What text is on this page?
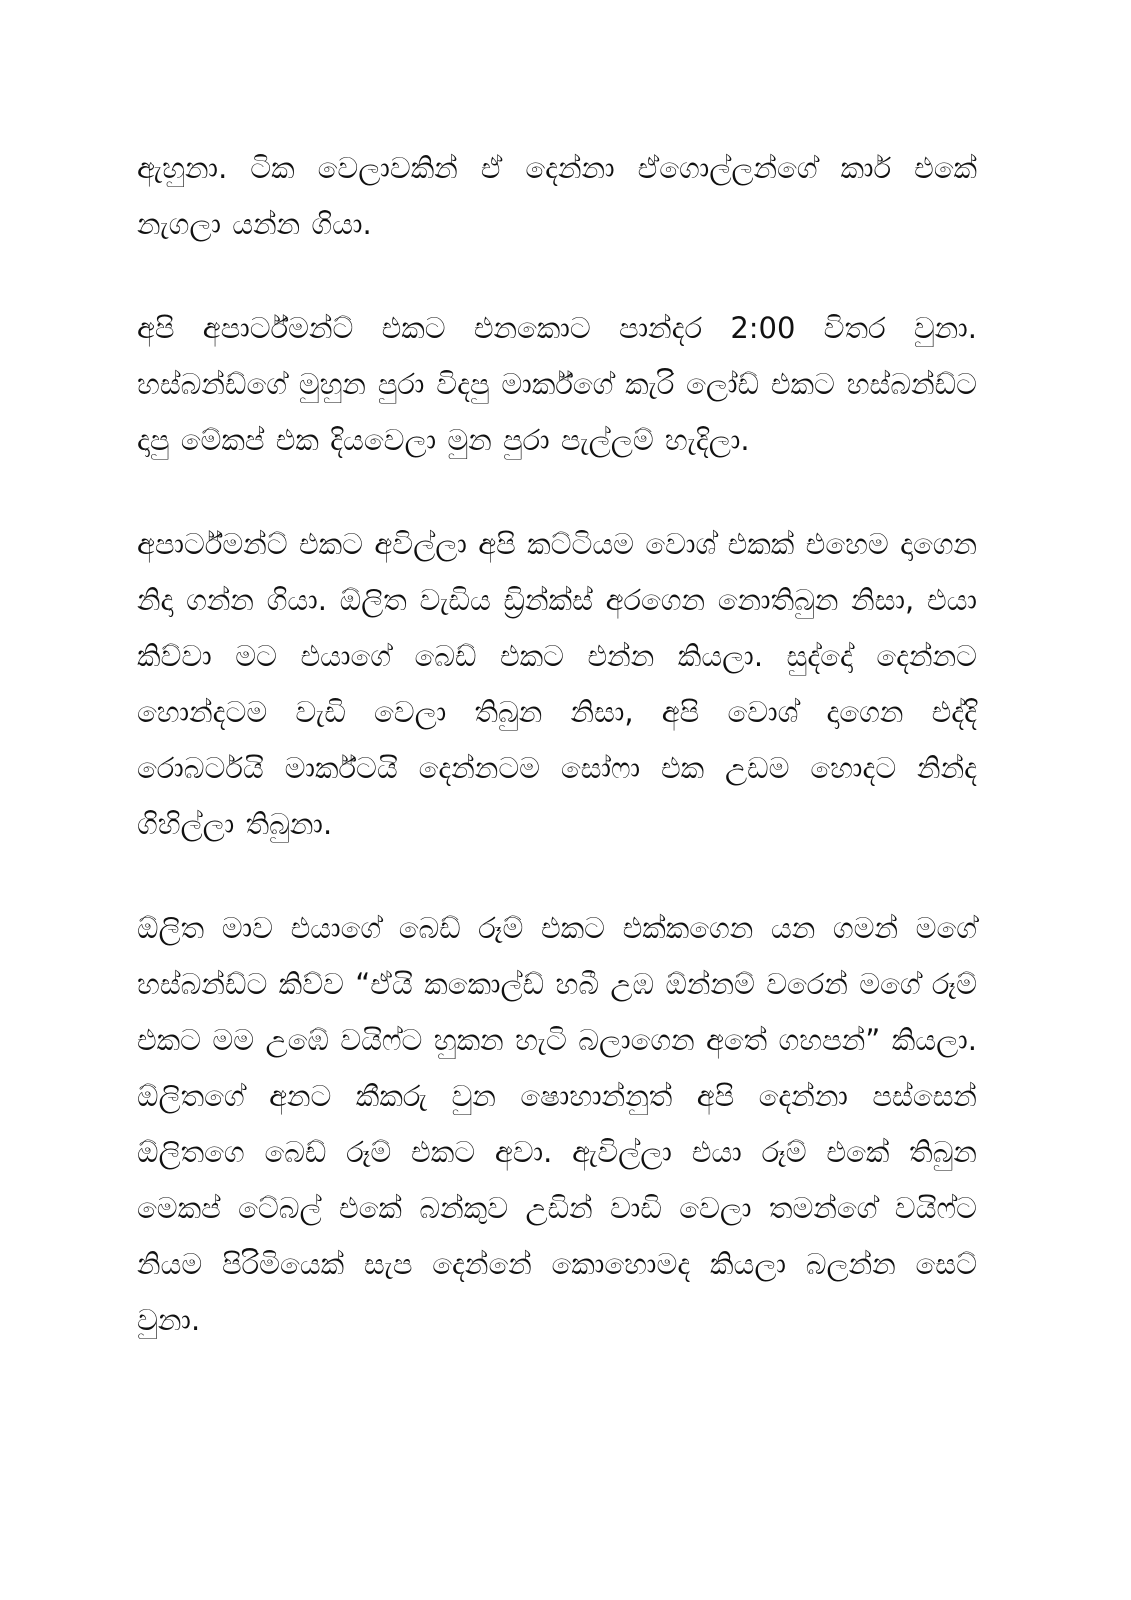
ඇහුනා. ටික වෙලාවකින් ඒ දෙන්නා ඒගොල්ලන්ගේ කාර් එකේ නැගලා යන්න ගියා.

අපි අපාර්ට්මන්ට් එකට එනකොට පාන්දර 2:00 විතර වුනා. හස්බන්ඩ්ගේ මුහුන පුරා විදපු මාර්ක්ගේ කැරි ලෝඩ් එකට හස්බන්ඩ්ට දාපු මේකප් එක දියවෙලා මුන පුරා පැල්ලම් හැදිලා.

අපාර්ට්මන්ට් එකට අවිල්ලා අපි කට්ටියම වොශ් එකක් එහෙම දාගෙන නිදා ගන්න ගියා. ඕලිත වැඩිය ඩ්‍රින්ක්ස් අරගෙන නොතිබුන නිසා, එයා කිව්වා මට එයාගේ බෙඩ් එකට එන්න කියලා. සුද්දෝ දෙන්නට හොන්දටම වැඩි වෙලා තිබුන නිසා, අපි වොශ් දාගෙන එද්දි රොබර්ටයි මාර්ක්ටයි දෙන්නටම සෝෆා එක උඩම හොදට නින්ද ගිහිල්ලා තිබුනා.

ඕලිත මාව එයාගේ බෙඩ් රූම් එකට එක්කගෙන යන ගමන් මගේ හස්බන්ඩ්ට කිව්ව “ඒයි කකොල්ඩ් හබී උඹ ඕන්නම් වරෙන් මගේ රූම් එකට මම උඹේ වයිෆ්ට හුකන හැටි බලාගෙන අතේ ගහපන්” කියලා. ඕලිතගේ අනට කීකරු වුන ෂොහාන්නුත් අපි දෙන්නා පස්සෙන් ඕලිතගෙ බෙඩ් රූම් එකට අවා. ඇවිල්ලා එයා රූම් එකේ තිබුන මෙකප් ටේබල් එකේ බන්කුව උඩින් වාඩි වෙලා තමන්ගේ වයිෆ්ට නියම පිරිමියෙක් සැප දෙන්නේ කොහොමද කියලා බලන්න සෙට් වුනා.
